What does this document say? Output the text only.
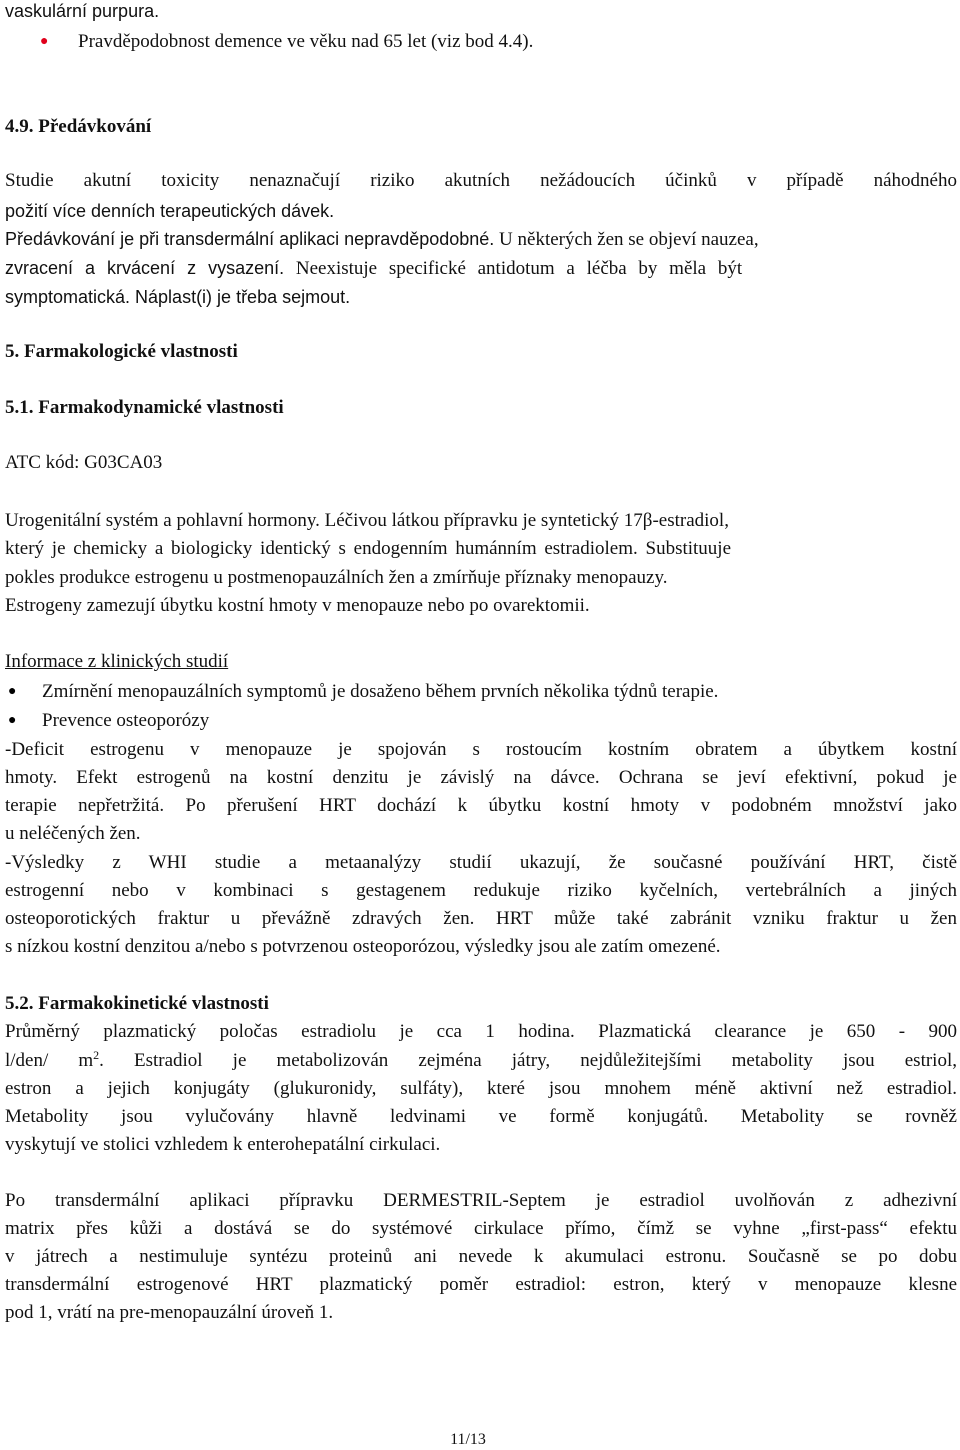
vaskulární purpura.
● Pravděpodobnost demence ve věku nad 65 let (viz bod 4.4).
4.9. Předávkování
Studie akutní toxicity nenaznačují riziko akutních nežádoucích účinků v případě náhodného
požití více denních terapeutických dávek.
Předávkování je při transdermální aplikaci nepravděpodobné. U některých žen se objeví nauzea,
zvracení a krvácení z vysazení. Neexistuje specifické antidotum a léčba by měla být
symptomatická. Náplast(i) je třeba sejmout.
5. Farmakologické vlastnosti
5.1. Farmakodynamické vlastnosti
ATC kód: G03CA03
Urogenitální systém a pohlavní hormony. Léčivou látkou přípravku je syntetický 17β-estradiol,
který je chemicky a biologicky identický s endogenním humánním estradiolem. Substituuje
pokles produkce estrogenu u postmenopauzálních žen a zmírňuje příznaky menopauzy.
Estrogeny zamezují úbytku kostní hmoty v menopauze nebo po ovarektomii.
Informace z klinických studií
● Zmírnění menopauzálních symptomů je dosaženo během prvních několika týdnů terapie.
● Prevence osteoporózy
-Deficit estrogenu v menopauze je spojován s rostoucím kostním obratem a úbytkem kostní
hmoty. Efekt estrogenů na kostní denzitu je závislý na dávce. Ochrana se jeví efektivní, pokud je
terapie nepřetržitá. Po přerušení HRT dochází k úbytku kostní hmoty v podobném množství jako
u neléčených žen.
-Výsledky z WHI studie a metaanalýzy studií ukazují, že současné používání HRT, čistě
estrogenní nebo v kombinaci s gestagenem redukuje riziko kyčelních, vertebrálních a jiných
osteoporotických fraktur u převážně zdravých žen. HRT může také zabránit vzniku fraktur u žen
s nízkou kostní denzitou a/nebo s potvrzenou osteoporózou, výsledky jsou ale zatím omezené.
5.2. Farmakokinetické vlastnosti
Průměrný plazmatický poločas estradiolu je cca 1 hodina. Plazmatická clearance je 650 - 900
l/den/ $m^2$. Estradiol je metabolizován zejména játry, nejdůležitejšími metabolity jsou estriol,
estron a jejich konjugáty (glukuronidy, sulfáty), které jsou mnohem méně aktivní než estradiol.
Metabolity jsou vylučovány hlavně ledvinami ve formě konjugátů. Metabolity se rovněž
vyskytují ve stolici vzhledem k enterohepatální cirkulaci.
Po transdermální aplikaci přípravku DERMESTRIL-Septem je estradiol uvolňován z adhezivní
matrix přes kůži a dostává se do systémové cirkulace přímo, čímž se vyhne „first-pass“ efektu
v játrech a nestimuluje syntézu proteinů ani nevede k akumulaci estronu. Současně se po dobu
transdermální estrogenové HRT plazmatický poměr estradiol: estron, který v menopauze klesne
pod 1, vrátí na pre-menopauzální úroveň 1.
11/13
